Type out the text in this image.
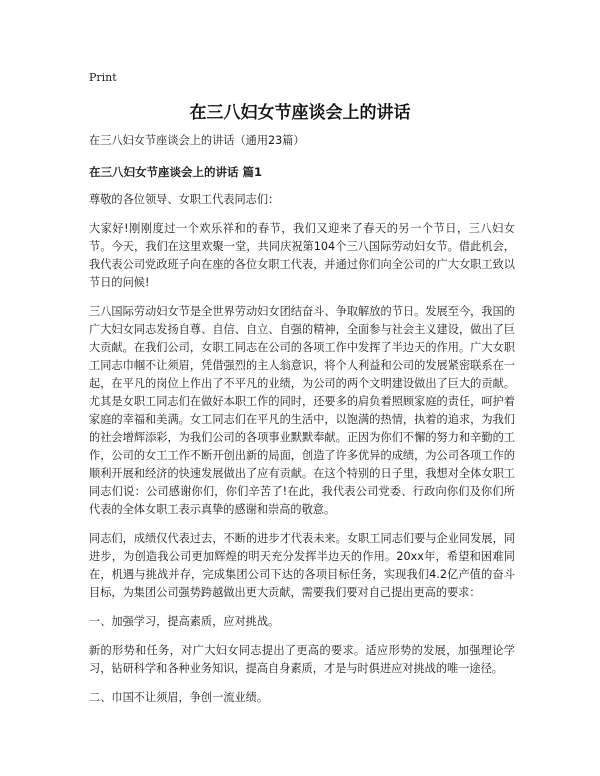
Print
在三八妇女节座谈会上的讲话

在三八妇女节座谈会上的讲话（通用23篇）

在三八妇女节座谈会上的讲话 篇1

尊敬的各位领导、女职工代表同志们：

大家好!刚刚度过一个欢乐祥和的春节，我们又迎来了春天的另一个节日，三八妇女节。今天，我们在这里欢聚一堂，共同庆祝第104个三八国际劳动妇女节。借此机会，我代表公司党政班子向在座的各位女职工代表，并通过你们向全公司的广大女职工致以节日的问候!

三八国际劳动妇女节是全世界劳动妇女团结奋斗、争取解放的节日。发展至今，我国的广大妇女同志发扬自尊、自信、自立、自强的精神，全面参与社会主义建设，做出了巨大贡献。在我们公司，女职工同志在公司的各项工作中发挥了半边天的作用。广大女职工同志巾帼不让须眉，凭借强烈的主人翁意识，将个人利益和公司的发展紧密联系在一起，在平凡的岗位上作出了不平凡的业绩，为公司的两个文明建设做出了巨大的贡献。尤其是女职工同志们在做好本职工作的同时，还要多的肩负着照顾家庭的责任，呵护着家庭的幸福和美满。女工同志们在平凡的生活中，以饱满的热情，执着的追求，为我们的社会增辉添彩，为我们公司的各项事业默默奉献。正因为你们不懈的努力和辛勤的工作，公司的女工工作不断开创出新的局面，创造了许多优异的成绩，为公司各项工作的顺利开展和经济的快速发展做出了应有贡献。在这个特别的日子里，我想对全体女职工同志们说：公司感谢你们，你们辛苦了!在此，我代表公司党委、行政向你们及你们所代表的全体女职工表示真挚的感谢和崇高的敬意。

同志们，成绩仅代表过去，不断的进步才代表未来。女职工同志们要与企业同发展，同进步，为创造我公司更加辉煌的明天充分发挥半边天的作用。20xx年，希望和困难同在，机遇与挑战并存，完成集团公司下达的各项目标任务，实现我们4.2亿产值的奋斗目标，为集团公司强势跨越做出更大贡献，需要我们要对自己提出更高的要求：

一、加强学习，提高素质，应对挑战。

新的形势和任务，对广大妇女同志提出了更高的要求。适应形势的发展，加强理论学习，钻研科学和各种业务知识，提高自身素质，才是与时俱进应对挑战的唯一途径。

二、巾国不让须眉，争创一流业绩。
